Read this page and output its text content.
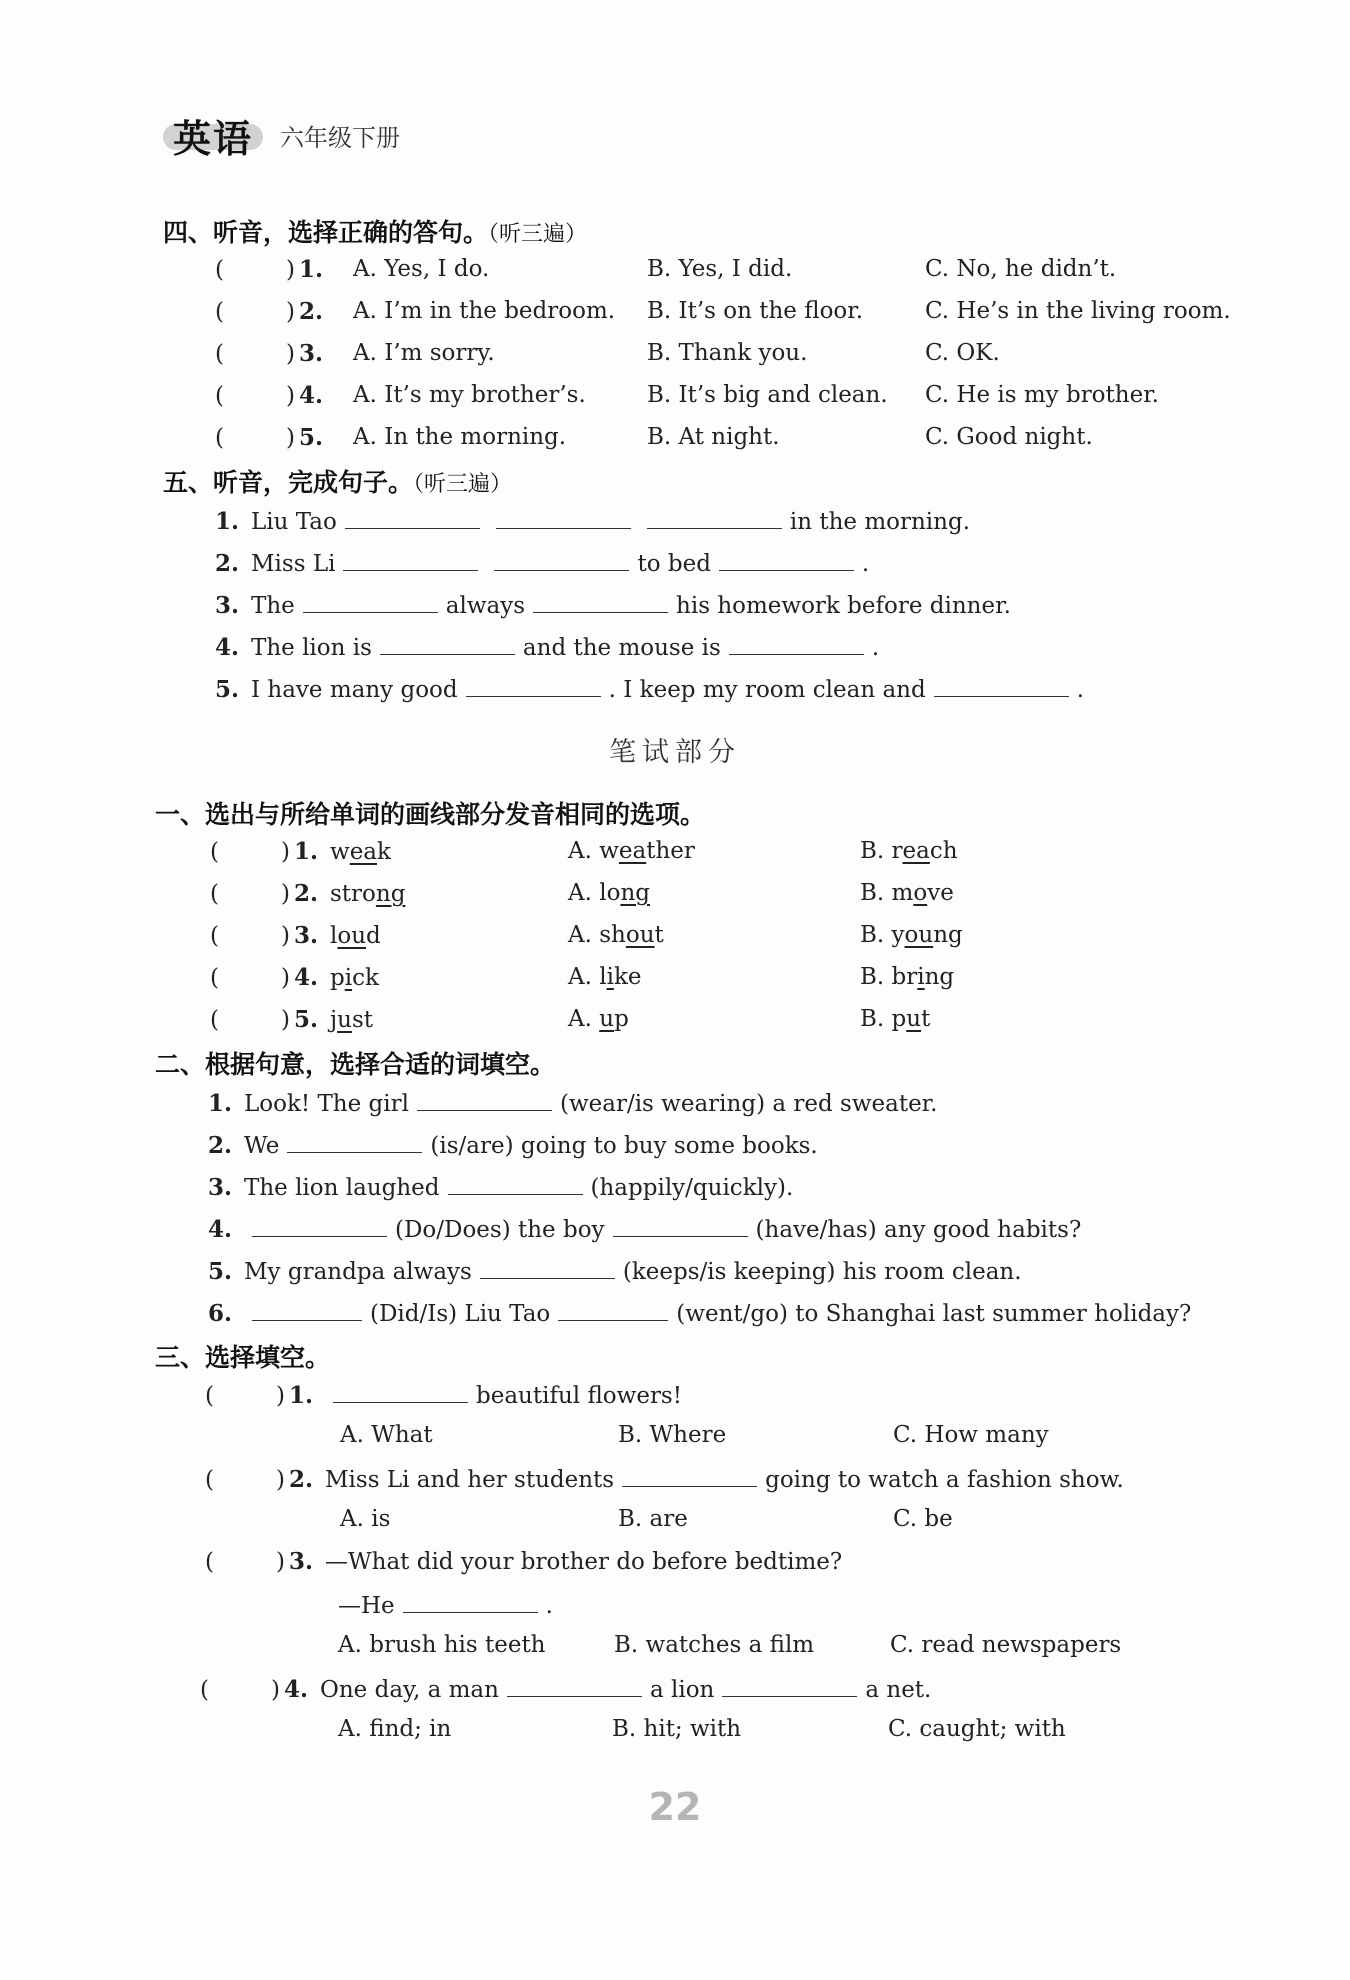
英语 六年级下册
四、听音，选择正确的答句。（听三遍）
(	) 1.	A. Yes, I do.	B. Yes, I did.	C. No, he didn’t.
(	) 2.	A. I’m in the bedroom. B. It’s on the floor.	C. He’s in the living room.
(	) 3.	A. I’m sorry.	B. Thank you.	C. OK.
(	) 4.	A. It’s my brother’s.	B. It’s big and clean. C. He is my brother.
(	) 5.	A. In the morning.	B. At night.	C. Good night.
五、听音，完成句子。（听三遍）
1. Liu Tao	in the morning.
2. Miss Li	to bed	.
3. The	always	his homework before dinner.
4. The lion is	and the mouse is	.
5. I have many good	. I keep my room clean and	.
笔试部分
一、选出与所给单词的画线部分发音相同的选项。
(	) 1. weak	A. weather	B. reach
(	) 2. strong	A. long	B. move
(	) 3. loud	A. shout	B. young
(	) 4. pick	A. like	B. bring
(	) 5. just	A. up	B. put
二、根据句意，选择合适的词填空。
1. Look! The girl	(wear/is wearing) a red sweater.
2. We	(is/are) going to buy some books.
3. The lion laughed	(happily/quickly).
4.	(Do/Does) the boy	(have/has) any good habits?
5. My grandpa always	(keeps/is keeping) his room clean.
6.	(Did/Is) Liu Tao	(went/go) to Shanghai last summer holiday?
三、选择填空。
(	) 1.	beautiful flowers!
A. What	B. Where	C. How many
(	) 2. Miss Li and her students	going to watch a fashion show.
A. is	B. are	C. be
(	) 3. —What did your brother do before bedtime?
—He	.
A. brush his teeth	B. watches a film	C. read newspapers
(	) 4. One day, a man	a lion	a net.
A. find; in	B. hit; with	C. caught; with
22
